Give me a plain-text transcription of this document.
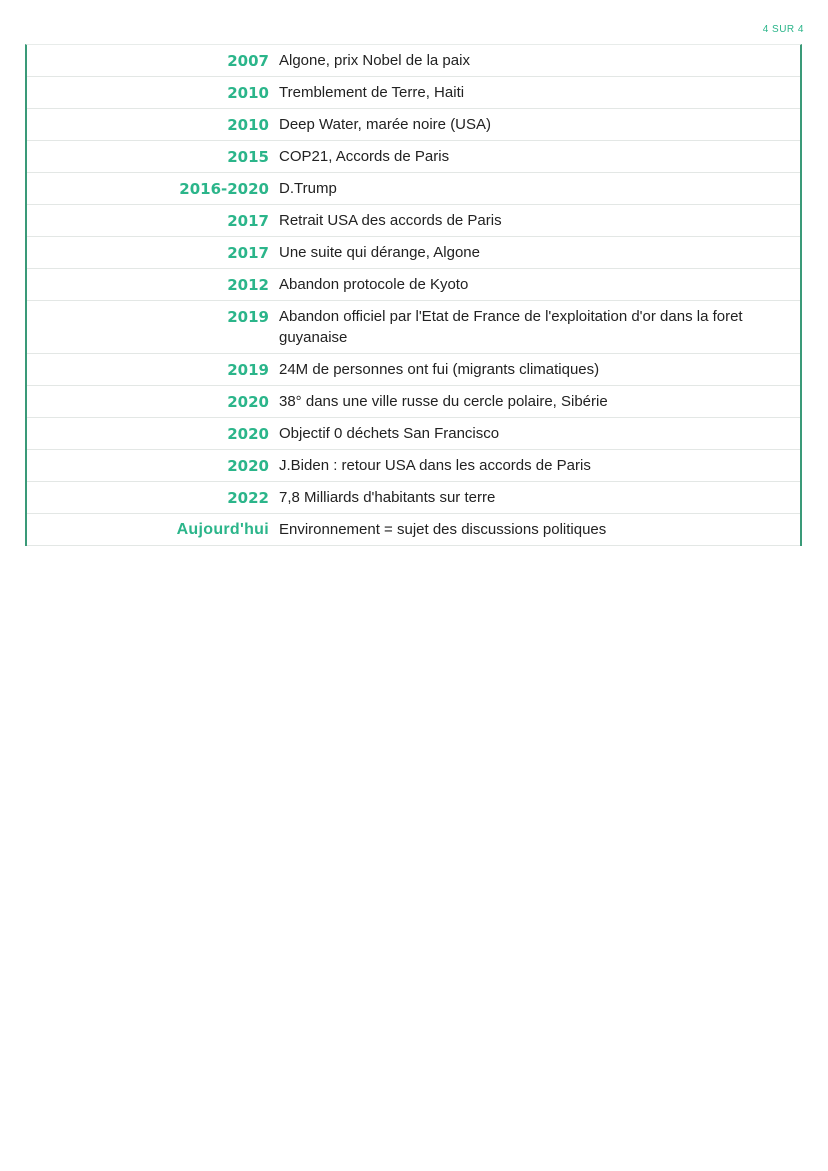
4 SUR 4
2007 Algone, prix Nobel de la paix
2010 Tremblement de Terre, Haiti
2010 Deep Water, marée noire (USA)
2015 COP21, Accords de Paris
2016-2020 D.Trump
2017 Retrait USA des accords de Paris
2017 Une suite qui dérange, Algone
2012 Abandon protocole de Kyoto
2019 Abandon officiel par l'Etat de France de l'exploitation d'or dans la foret guyanaise
2019 24M de personnes ont fui (migrants climatiques)
2020 38° dans une ville russe du cercle polaire, Sibérie
2020 Objectif 0 déchets San Francisco
2020 J.Biden : retour USA dans les accords de Paris
2022 7,8 Milliards d'habitants sur terre
Aujourd'hui Environnement = sujet des discussions politiques
